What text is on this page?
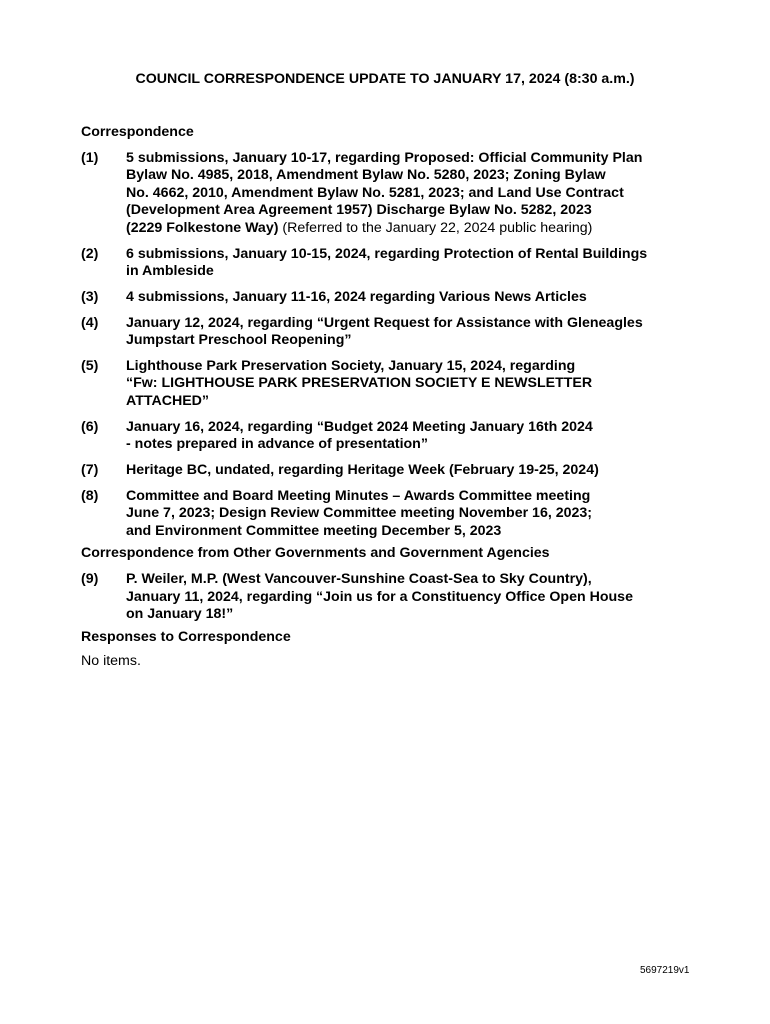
COUNCIL CORRESPONDENCE UPDATE TO JANUARY 17, 2024 (8:30 a.m.)
Correspondence
(1)	5 submissions, January 10-17, regarding Proposed: Official Community Plan
Bylaw No. 4985, 2018, Amendment Bylaw No. 5280, 2023; Zoning Bylaw
No. 4662, 2010, Amendment Bylaw No. 5281, 2023; and Land Use Contract
(Development Area Agreement 1957) Discharge Bylaw No. 5282, 2023
(2229 Folkestone Way) (Referred to the January 22, 2024 public hearing)
(2)	6 submissions, January 10-15, 2024, regarding Protection of Rental Buildings
in Ambleside
(3)	4 submissions, January 11-16, 2024 regarding Various News Articles
(4)	January 12, 2024, regarding “Urgent Request for Assistance with Gleneagles
Jumpstart Preschool Reopening”
(5)	Lighthouse Park Preservation Society, January 15, 2024, regarding
“Fw: LIGHTHOUSE PARK PRESERVATION SOCIETY E NEWSLETTER
ATTACHED”
(6)	January 16, 2024, regarding “Budget 2024 Meeting January 16th 2024
- notes prepared in advance of presentation”
(7)	Heritage BC, undated, regarding Heritage Week (February 19-25, 2024)
(8)	Committee and Board Meeting Minutes – Awards Committee meeting
June 7, 2023; Design Review Committee meeting November 16, 2023;
and Environment Committee meeting December 5, 2023
Correspondence from Other Governments and Government Agencies
(9)	P. Weiler, M.P. (West Vancouver-Sunshine Coast-Sea to Sky Country),
January 11, 2024, regarding “Join us for a Constituency Office Open House
on January 18!”
Responses to Correspondence
No items.
5697219v1
